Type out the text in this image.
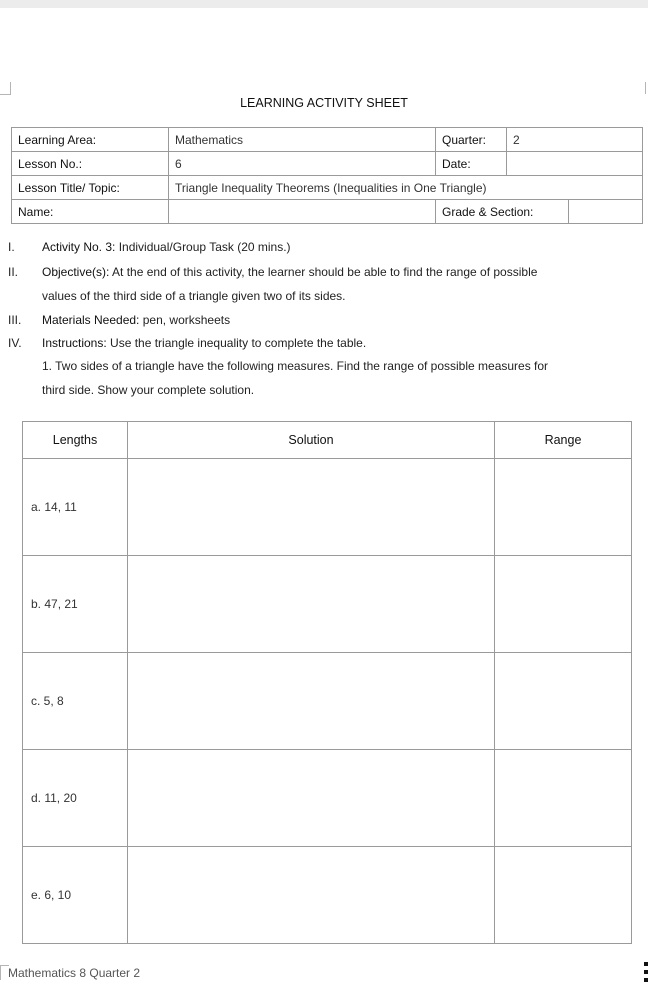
LEARNING ACTIVITY SHEET
Learning Area:	Mathematics	Quarter:	2	
Lesson No.:	6	Date:		
Lesson Title/ Topic:	Triangle Inequality Theorems (Inequalities in One Triangle)			
Name:		Grade & Section:		
I. Activity No. 3: Individual/Group Task (20 mins.)
II. Objective(s): At the end of this activity, the learner should be able to find the range of possible
values of the third side of a triangle given two of its sides.
III. Materials Needed: pen, worksheets
IV. Instructions: Use the triangle inequality to complete the table.
1. Two sides of a triangle have the following measures. Find the range of possible measures for
third side. Show your complete solution.
Lengths	Solution	Range
a. 14, 11		
b. 47, 21		
c. 5, 8		
d. 11, 20		
e. 6, 10		
Mathematics 8 Quarter 2
